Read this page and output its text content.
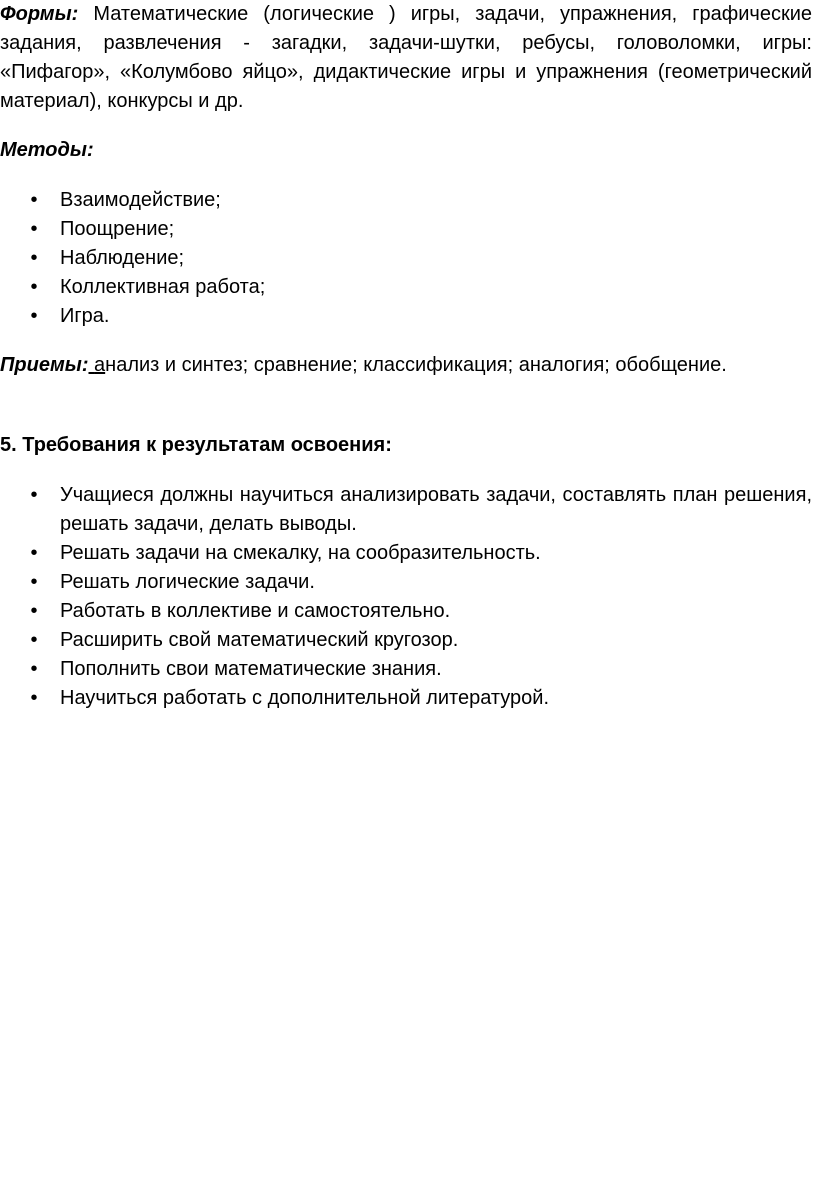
Формы: Математические (логические ) игры, задачи, упражнения, графические задания, развлечения - загадки, задачи-шутки, ребусы, головоломки, игры: «Пифагор», «Колумбово яйцо», дидактические игры и упражнения (геометрический материал), конкурсы и др.

Методы:
• Взаимодействие;
• Поощрение;
• Наблюдение;
• Коллективная работа;
• Игра.

Приемы: анализ и синтез; сравнение; классификация; аналогия; обобщение.

5. Требования к результатам освоения:
• Учащиеся должны научиться анализировать задачи, составлять план решения, решать задачи, делать выводы.
• Решать задачи на смекалку, на сообразительность.
• Решать логические задачи.
• Работать в коллективе и самостоятельно.
• Расширить свой математический кругозор.
• Пополнить свои математические знания.
• Научиться работать с дополнительной литературой.
